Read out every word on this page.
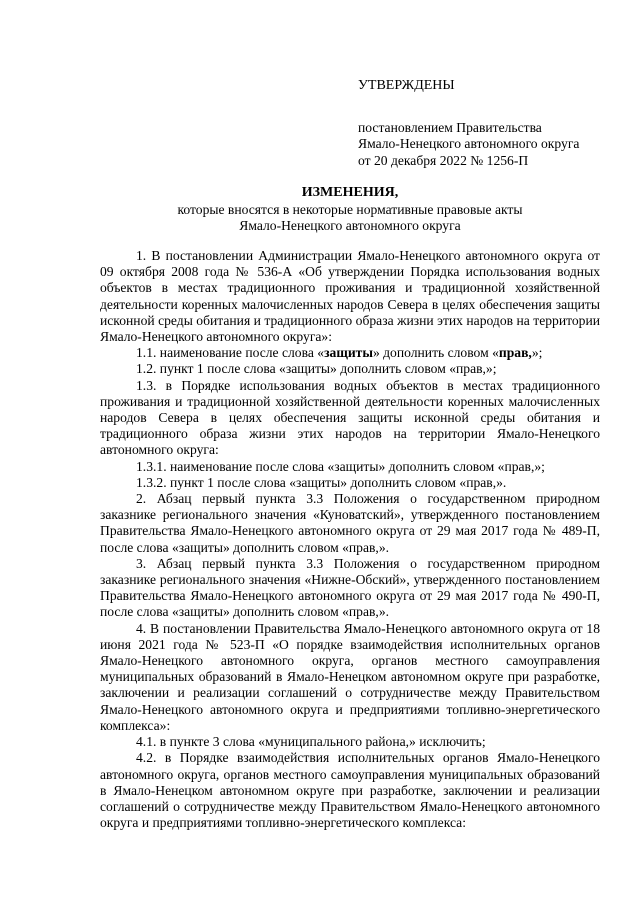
УТВЕРЖДЕНЫ
постановлением Правительства
Ямало-Ненецкого автономного округа
от 20 декабря 2022 № 1256-П
ИЗМЕНЕНИЯ,
которые вносятся в некоторые нормативные правовые акты
Ямало-Ненецкого автономного округа

1. В постановлении Администрации Ямало-Ненецкого автономного округа от 09 октября 2008 года № 536-А «Об утверждении Порядка использования водных объектов в местах традиционного проживания и традиционной хозяйственной деятельности коренных малочисленных народов Севера в целях обеспечения защиты исконной среды обитания и традиционного образа жизни этих народов на территории Ямало-Ненецкого автономного округа»:

1.1. наименование после слова «защиты» дополнить словом «прав,»;

1.2. пункт 1 после слова «защиты» дополнить словом «прав,»;

1.3. в Порядке использования водных объектов в местах традиционного проживания и традиционной хозяйственной деятельности коренных малочисленных народов Севера в целях обеспечения защиты исконной среды обитания и традиционного образа жизни этих народов на территории Ямало-Ненецкого автономного округа:

1.3.1. наименование после слова «защиты» дополнить словом «прав,»;

1.3.2. пункт 1 после слова «защиты» дополнить словом «прав,».

2. Абзац первый пункта 3.3 Положения о государственном природном заказнике регионального значения «Куноватский», утвержденного постановлением Правительства Ямало-Ненецкого автономного округа от 29 мая 2017 года № 489-П, после слова «защиты» дополнить словом «прав,».

3. Абзац первый пункта 3.3 Положения о государственном природном заказнике регионального значения «Нижне-Обский», утвержденного постановлением Правительства Ямало-Ненецкого автономного округа от 29 мая 2017 года № 490-П, после слова «защиты» дополнить словом «прав,».

4. В постановлении Правительства Ямало-Ненецкого автономного округа от 18 июня 2021 года № 523-П «О порядке взаимодействия исполнительных органов Ямало-Ненецкого автономного округа, органов местного самоуправления муниципальных образований в Ямало-Ненецком автономном округе при разработке, заключении и реализации соглашений о сотрудничестве между Правительством Ямало-Ненецкого автономного округа и предприятиями топливно-энергетического комплекса»:

4.1. в пункте 3 слова «муниципального района,» исключить;

4.2. в Порядке взаимодействия исполнительных органов Ямало-Ненецкого автономного округа, органов местного самоуправления муниципальных образований в Ямало-Ненецком автономном округе при разработке, заключении и реализации соглашений о сотрудничестве между Правительством Ямало-Ненецкого автономного округа и предприятиями топливно-энергетического комплекса:
